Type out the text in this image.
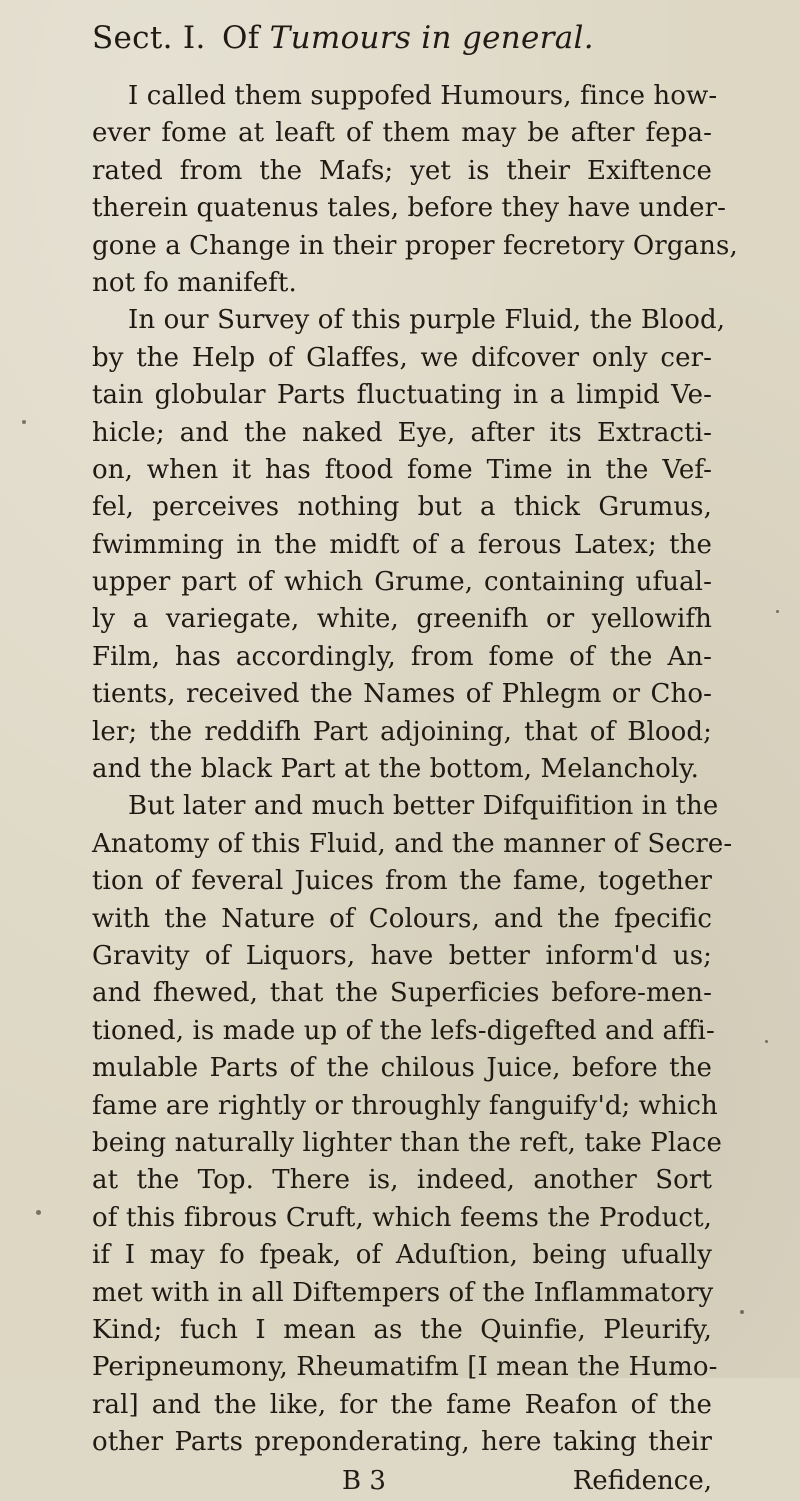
Sect. I. Of Tumours in general.
I called them suppofed Humours, fince how-
ever fome at leaft of them may be after fepa-
rated from the Mafs; yet is their Exiftence
therein quatenus tales, before they have under-
gone a Change in their proper fecretory Organs,
not fo manifeft.
In our Survey of this purple Fluid, the Blood,
by the Help of Glaffes, we difcover only cer-
tain globular Parts fluctuating in a limpid Ve-
hicle; and the naked Eye, after its Extracti-
on, when it has ftood fome Time in the Vef-
fel, perceives nothing but a thick Grumus,
fwimming in the midft of a ferous Latex; the
upper part of which Grume, containing ufual-
ly a variegate, white, greenifh or yellowifh
Film, has accordingly, from fome of the An-
tients, received the Names of Phlegm or Cho-
ler; the reddifh Part adjoining, that of Blood;
and the black Part at the bottom, Melancholy.
But later and much better Difquifition in the
Anatomy of this Fluid, and the manner of Secre-
tion of feveral Juices from the fame, together
with the Nature of Colours, and the fpecific
Gravity of Liquors, have better inform'd us;
and fhewed, that the Superficies before-men-
tioned, is made up of the lefs-digefted and affi-
mulable Parts of the chilous Juice, before the
fame are rightly or throughly fanguify'd; which
being naturally lighter than the reft, take Place
at the Top. There is, indeed, another Sort
of this fibrous Cruft, which feems the Product,
if I may fo fpeak, of Aduſtion, being ufually
met with in all Diftempers of the Inflammatory
Kind; fuch I mean as the Quinfie, Pleurify,
Peripneumony, Rheumatifm [I mean the Humo-
ral] and the like, for the fame Reafon of the
other Parts preponderating, here taking their
B 3	Refidence,
